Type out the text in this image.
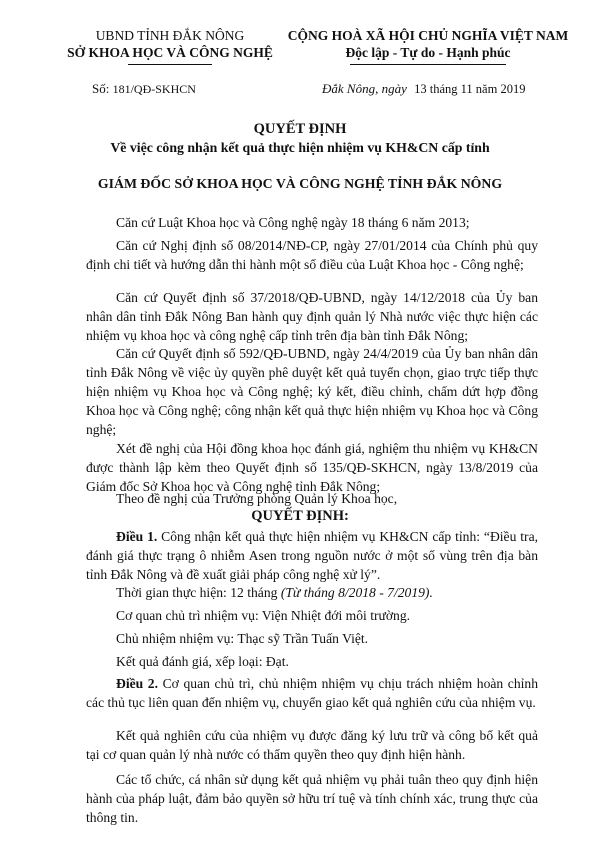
UBND TỈNH ĐẮK NÔNG
SỞ KHOA HỌC VÀ CÔNG NGHỆ
CỘNG HOÀ XÃ HỘI CHỦ NGHĨA VIỆT NAM
Độc lập - Tự do - Hạnh phúc
Số: 181/QĐ-SKHCN	Đắk Nông, ngày 13 tháng 11 năm 2019
QUYẾT ĐỊNH
Về việc công nhận kết quả thực hiện nhiệm vụ KH&CN cấp tỉnh
GIÁM ĐỐC SỞ KHOA HỌC VÀ CÔNG NGHỆ TỈNH ĐẮK NÔNG
Căn cứ Luật Khoa học và Công nghệ ngày 18 tháng 6 năm 2013;
Căn cứ Nghị định số 08/2014/NĐ-CP, ngày 27/01/2014 của Chính phủ quy định chi tiết và hướng dẫn thi hành một số điều của Luật Khoa học - Công nghệ;
Căn cứ Quyết định số 37/2018/QĐ-UBND, ngày 14/12/2018 của Ủy ban nhân dân tỉnh Đắk Nông Ban hành quy định quản lý Nhà nước việc thực hiện các nhiệm vụ khoa học và công nghệ cấp tỉnh trên địa bàn tỉnh Đắk Nông;
Căn cứ Quyết định số 592/QĐ-UBND, ngày 24/4/2019 của Ủy ban nhân dân tỉnh Đắk Nông về việc ủy quyền phê duyệt kết quả tuyển chọn, giao trực tiếp thực hiện nhiệm vụ Khoa học và Công nghệ; ký kết, điều chỉnh, chấm dứt hợp đồng Khoa học và Công nghệ; công nhận kết quả thực hiện nhiệm vụ Khoa học và Công nghệ;
Xét đề nghị của Hội đồng khoa học đánh giá, nghiệm thu nhiệm vụ KH&CN được thành lập kèm theo Quyết định số 135/QĐ-SKHCN, ngày 13/8/2019 của Giám đốc Sở Khoa học và Công nghệ tỉnh Đắk Nông;
Theo đề nghị của Trưởng phòng Quản lý Khoa học,
QUYẾT ĐỊNH:
Điều 1. Công nhận kết quả thực hiện nhiệm vụ KH&CN cấp tỉnh: “Điều tra, đánh giá thực trạng ô nhiễm Asen trong nguồn nước ở một số vùng trên địa bàn tỉnh Đắk Nông và đề xuất giải pháp công nghệ xử lý”.
Thời gian thực hiện: 12 tháng (Từ tháng 8/2018 - 7/2019).
Cơ quan chủ trì nhiệm vụ: Viện Nhiệt đới môi trường.
Chủ nhiệm nhiệm vụ: Thạc sỹ Trần Tuấn Việt.
Kết quả đánh giá, xếp loại: Đạt.
Điều 2. Cơ quan chủ trì, chủ nhiệm nhiệm vụ chịu trách nhiệm hoàn chỉnh các thủ tục liên quan đến nhiệm vụ, chuyển giao kết quả nghiên cứu của nhiệm vụ.
Kết quả nghiên cứu của nhiệm vụ được đăng ký lưu trữ và công bố kết quả tại cơ quan quản lý nhà nước có thẩm quyền theo quy định hiện hành.
Các tổ chức, cá nhân sử dụng kết quả nhiệm vụ phải tuân theo quy định hiện hành của pháp luật, đảm bảo quyền sở hữu trí tuệ và tính chính xác, trung thực của thông tin.
